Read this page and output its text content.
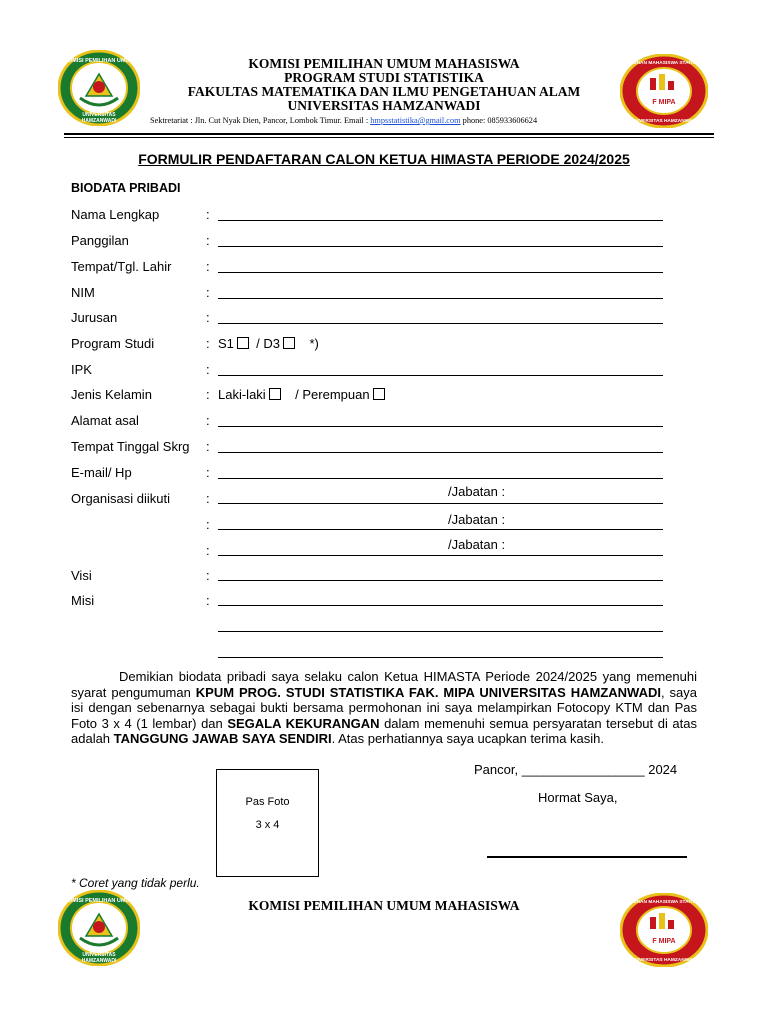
KOMISI PEMILIHAN UMUM
UNIVERSITAS
HAMZANWADI
KOMISI PEMILIHAN UMUM MAHASISWA
PROGRAM STUDI STATISTIKA
FAKULTAS MATEMATIKA DAN ILMU PENGETAHUAN ALAM
UNIVERSITAS HAMZANWADI
Sektretariat : Jln. Cut Nyak Dien, Pancor, Lombok Timur. Email : hmpsstatistika@gmail.com phone: 085933606624
F MIPA
HIMPUNAN MAHASISWA STATISTIKA
UNIVERSITAS HAMZANWADI
FORMULIR PENDAFTARAN CALON KETUA HIMASTA PERIODE 2024/2025
BIODATA PRIBADI
Nama Lengkap	:
Panggilan	:
Tempat/Tgl. Lahir	:
NIM	:
Jurusan	:
Program Studi	: S1 / D3 *)
IPK	:
Jenis Kelamin	: Laki-laki / Perempuan
Alamat asal	:
Tempat Tinggal Skrg :
E-mail/ Hp	:
Organisasi diikuti	:	/Jabatan :
:	/Jabatan :
:	/Jabatan :
Visi	:
Misi	:
Demikian biodata pribadi saya selaku calon Ketua HIMASTA Periode 2024/2025 yang memenuhi syarat pengumuman KPUM PROG. STUDI STATISTIKA FAK. MIPA UNIVERSITAS HAMZANWADI, saya isi dengan sebenarnya sebagai bukti bersama permohonan ini saya melampirkan Fotocopy KTM dan Pas Foto 3 x 4 (1 lembar) dan SEGALA KEKURANGAN dalam memenuhi semua persyaratan tersebut di atas adalah TANGGUNG JAWAB SAYA SENDIRI. Atas perhatiannya saya ucapkan terima kasih.
Pas Foto
3 x 4
Pancor, _________________ 2024
Hormat Saya,
* Coret yang tidak perlu.
KOMISI PEMILIHAN UMUM
UNIVERSITAS
HAMZANWADI
KOMISI PEMILIHAN UMUM MAHASISWA
F MIPA
HIMPUNAN MAHASISWA STATISTIKA
UNIVERSITAS HAMZANWADI
